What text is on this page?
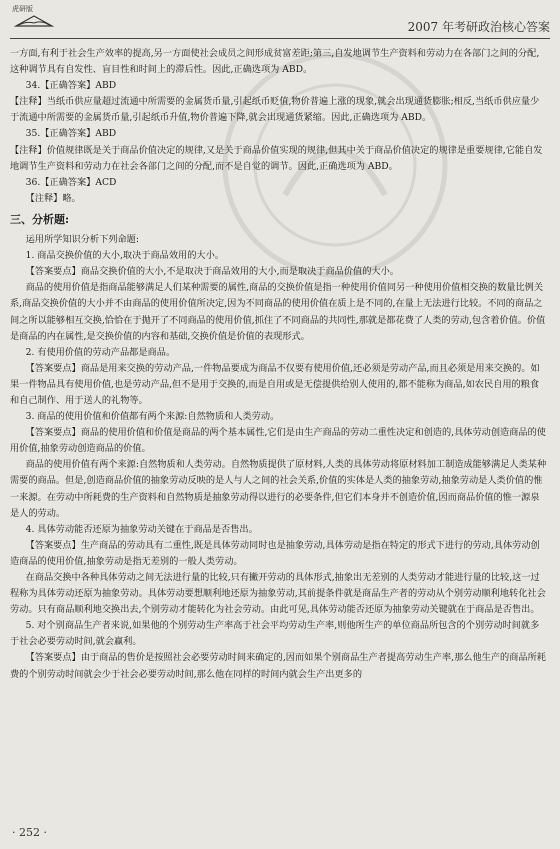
虎研版
2007 年考研政治核心答案

一方面,有利于社会生产效率的提高,另一方面使社会成员之间形成贫富差距;第三,自发地调节生产资料和劳动力在各部门之间的分配,这种调节具有自发性、盲目性和时间上的滞后性。因此,正确选项为 ABD。

34.【正确答案】ABD

【注释】当纸币供应量超过流通中所需要的金属货币量,引起纸币贬值,物价普遍上涨的现象,就会出现通货膨胀;相反,当纸币供应量少于流通中所需要的金属货币量,引起纸币升值,物价普遍下降,就会出现通货紧缩。因此,正确选项为 ABD。

35.【正确答案】ABD

【注释】价值规律既是关于商品价值决定的规律,又是关于商品价值实现的规律,但其中关于商品价值决定的规律是重要规律,它能自发地调节生产资料和劳动力在社会各部门之间的分配,而不是自觉的调节。因此,正确选项为 ABD。

36.【正确答案】ACD

【注释】略。

三、分析题:

运用所学知识分析下列命题:

1. 商品交换价值的大小,取决于商品效用的大小。

【答案要点】商品交换价值的大小,不是取决于商品效用的大小,而是取决于商品价值的大小。

商品的使用价值是指商品能够满足人们某种需要的属性,商品的交换价值是指一种使用价值同另一种使用价值相交换的数量比例关系,商品交换价值的大小并不由商品的使用价值所决定,因为不同商品的使用价值在质上是不同的,在量上无法进行比较。不同的商品之间之所以能够相互交换,恰恰在于抛开了不同商品的使用价值,抓住了不同商品的共同性,那就是都花费了人类的劳动,包含着价值。价值是商品的内在属性,是交换价值的内容和基础,交换价值是价值的表现形式。

2. 有使用价值的劳动产品都是商品。

【答案要点】商品是用来交换的劳动产品,一件物品要成为商品不仅要有使用价值,还必须是劳动产品,而且必须是用来交换的。如果一件物品具有使用价值,也是劳动产品,但不是用于交换的,而是自用或是无偿提供给别人使用的,都不能称为商品,如农民自用的粮食和自己制作、用于送人的礼物等。

3. 商品的使用价值和价值都有两个来源:自然物质和人类劳动。

【答案要点】商品的使用价值和价值是商品的两个基本属性,它们是由生产商品的劳动二重性决定和创造的,具体劳动创造商品的使用价值,抽象劳动创造商品的价值。

商品的使用价值有两个来源:自然物质和人类劳动。自然物质提供了原材料,人类的具体劳动将原材料加工制造成能够满足人类某种需要的商品。但是,创造商品价值的抽象劳动反映的是人与人之间的社会关系,价值的实体是人类的抽象劳动,抽象劳动是人类价值的惟一来源。在劳动中所耗费的生产资料和自然物质是抽象劳动得以进行的必要条件,但它们本身并不创造价值,因而商品价值的惟一源泉是人的劳动。

4. 具体劳动能否还原为抽象劳动关键在于商品是否售出。

【答案要点】生产商品的劳动具有二重性,既是具体劳动同时也是抽象劳动,具体劳动是指在特定的形式下进行的劳动,具体劳动创造商品的使用价值,抽象劳动是指无差别的一般人类劳动。

在商品交换中各种具体劳动之间无法进行量的比较,只有撇开劳动的具体形式,抽象出无差别的人类劳动才能进行量的比较,这一过程称为具体劳动还原为抽象劳动。具体劳动要想顺利地还原为抽象劳动,其前提条件就是商品生产者的劳动从个别劳动顺利地转化社会劳动。只有商品顺利地交换出去,个别劳动才能转化为社会劳动。由此可见,具体劳动能否还原为抽象劳动关键就在于商品是否售出。

5. 对个别商品生产者来说,如果他的个别劳动生产率高于社会平均劳动生产率,则他所生产的单位商品所包含的个别劳动时间就多于社会必要劳动时间,就会赢利。

【答案要点】由于商品的售价是按照社会必要劳动时间来确定的,因而如果个别商品生产者提高劳动生产率,那么他生产的商品所耗费的个别劳动时间就会少于社会必要劳动时间,那么他在同样的时间内就会生产出更多的

· 252 ·
